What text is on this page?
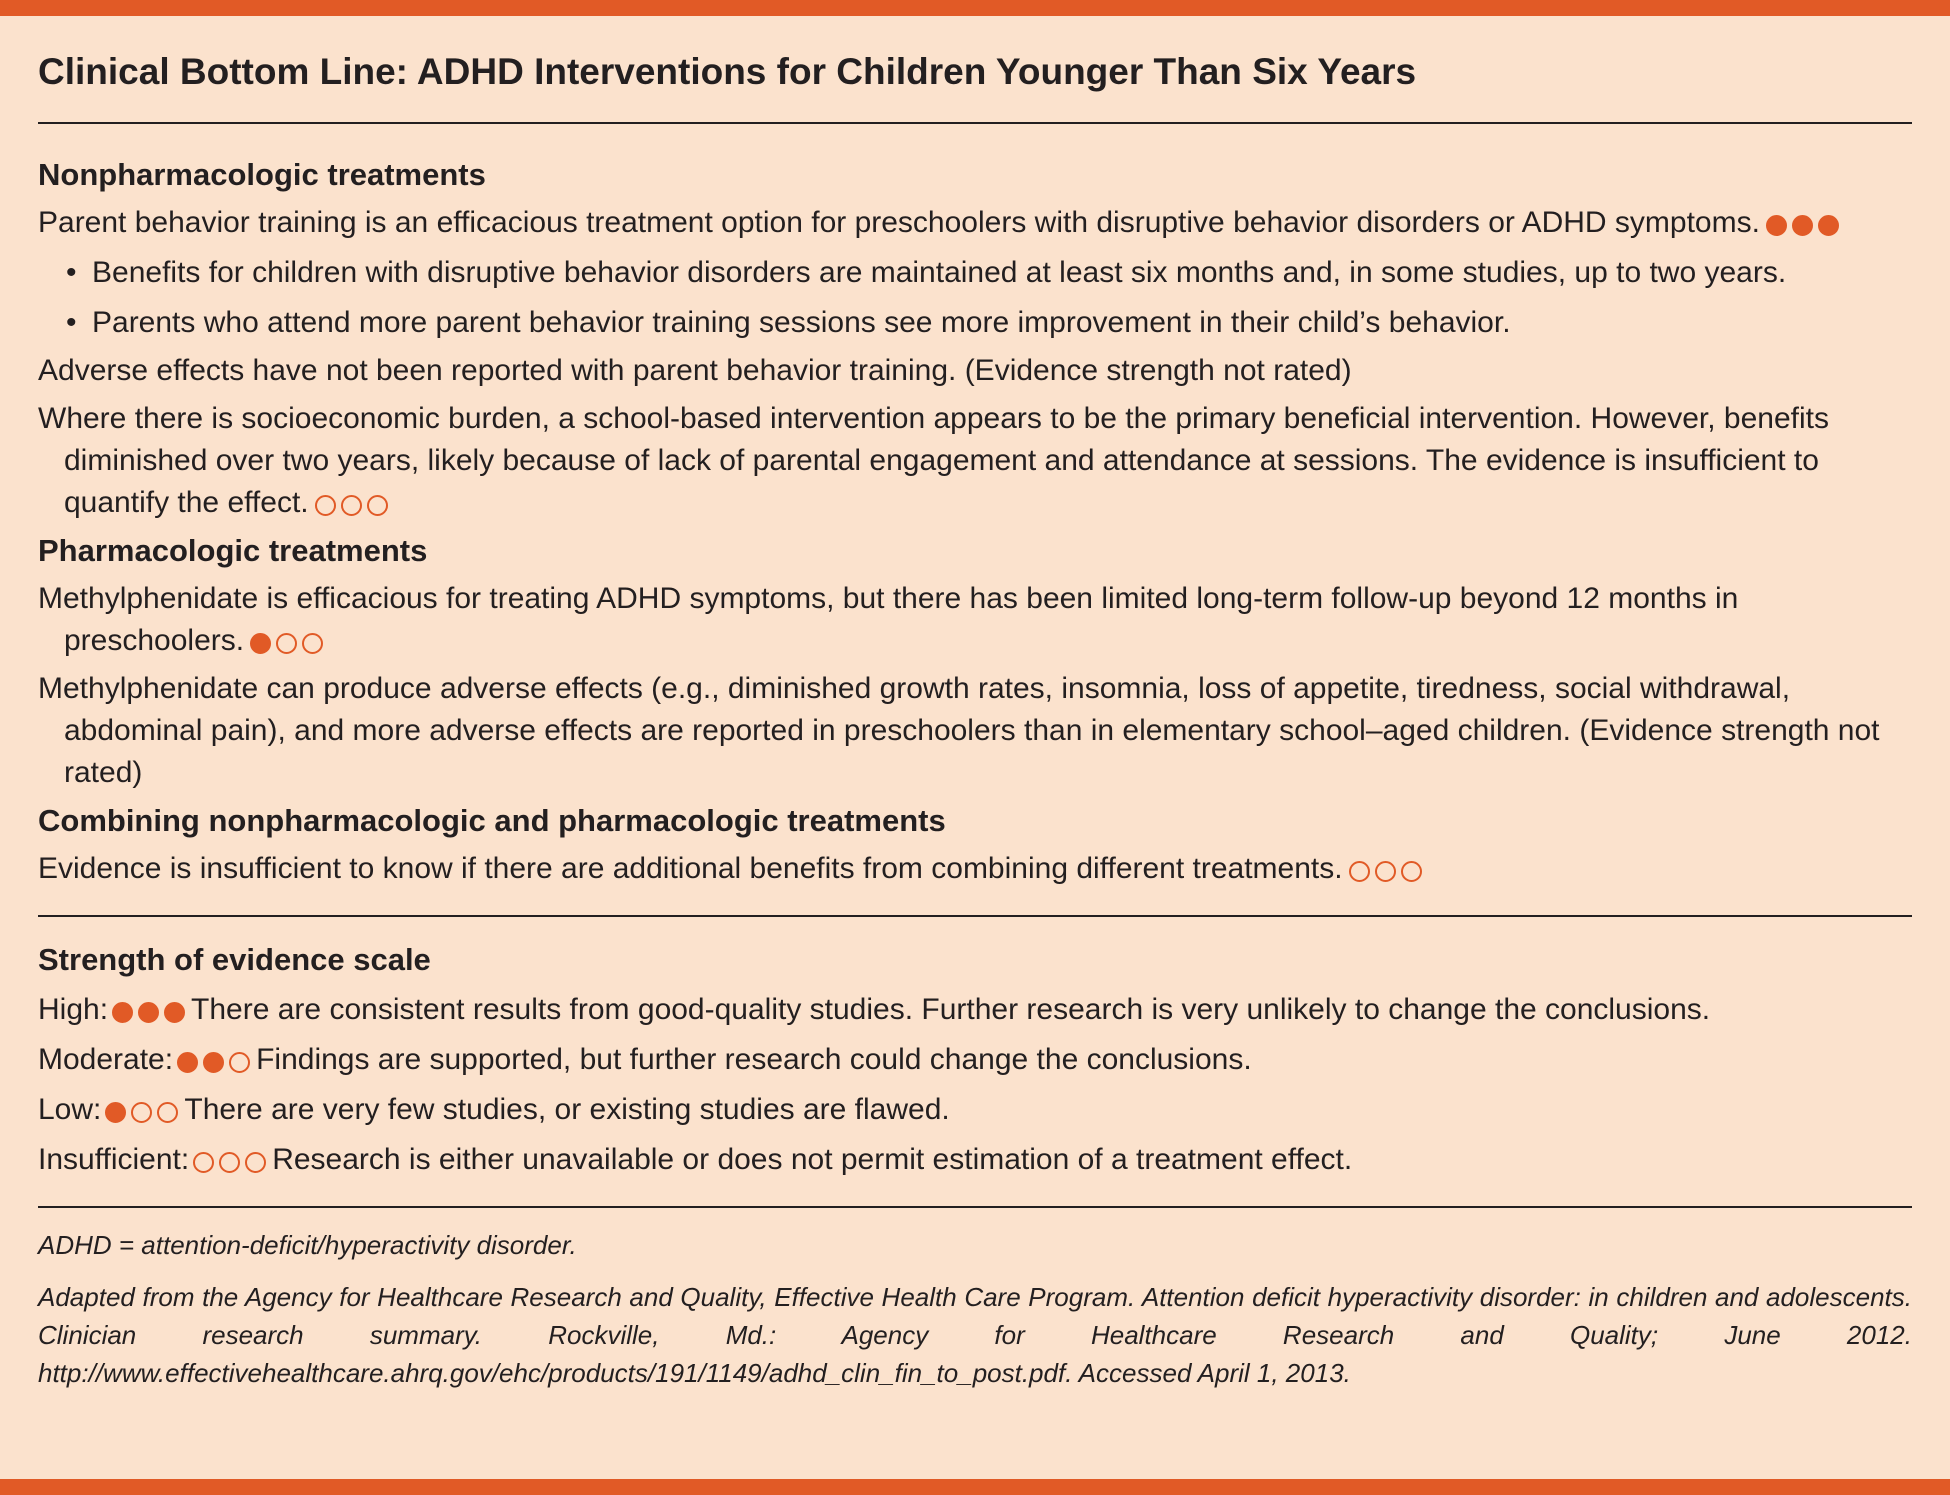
Clinical Bottom Line: ADHD Interventions for Children Younger Than Six Years
Nonpharmacologic treatments

Parent behavior training is an efficacious treatment option for preschoolers with disruptive behavior disorders or ADHD symptoms.

• Benefits for children with disruptive behavior disorders are maintained at least six months and, in some studies, up to two years.
• Parents who attend more parent behavior training sessions see more improvement in their child’s behavior.

Adverse effects have not been reported with parent behavior training. (Evidence strength not rated)

Where there is socioeconomic burden, a school-based intervention appears to be the primary beneficial intervention. However, benefits diminished over two years, likely because of lack of parental engagement and attendance at sessions. The evidence is insufficient to quantify the effect.

Pharmacologic treatments

Methylphenidate is efficacious for treating ADHD symptoms, but there has been limited long-term follow-up beyond 12 months in preschoolers.

Methylphenidate can produce adverse effects (e.g., diminished growth rates, insomnia, loss of appetite, tiredness, social withdrawal, abdominal pain), and more adverse effects are reported in preschoolers than in elementary school–aged children. (Evidence strength not rated)

Combining nonpharmacologic and pharmacologic treatments

Evidence is insufficient to know if there are additional benefits from combining different treatments.

Strength of evidence scale
High:	There are consistent results from good-quality studies. Further research is very unlikely to change the conclusions.
Moderate:	Findings are supported, but further research could change the conclusions.
Low:	There are very few studies, or existing studies are flawed.
Insufficient:	Research is either unavailable or does not permit estimation of a treatment effect.
ADHD = attention-deficit/hyperactivity disorder.
Adapted from the Agency for Healthcare Research and Quality, Effective Health Care Program. Attention deficit hyperactivity disorder: in children and adolescents. Clinician research summary. Rockville, Md.: Agency for Healthcare Research and Quality; June 2012. http://www.effectivehealthcare.ahrq.gov/ehc/products/191/1149/adhd_clin_fin_to_post.pdf. Accessed April 1, 2013.
